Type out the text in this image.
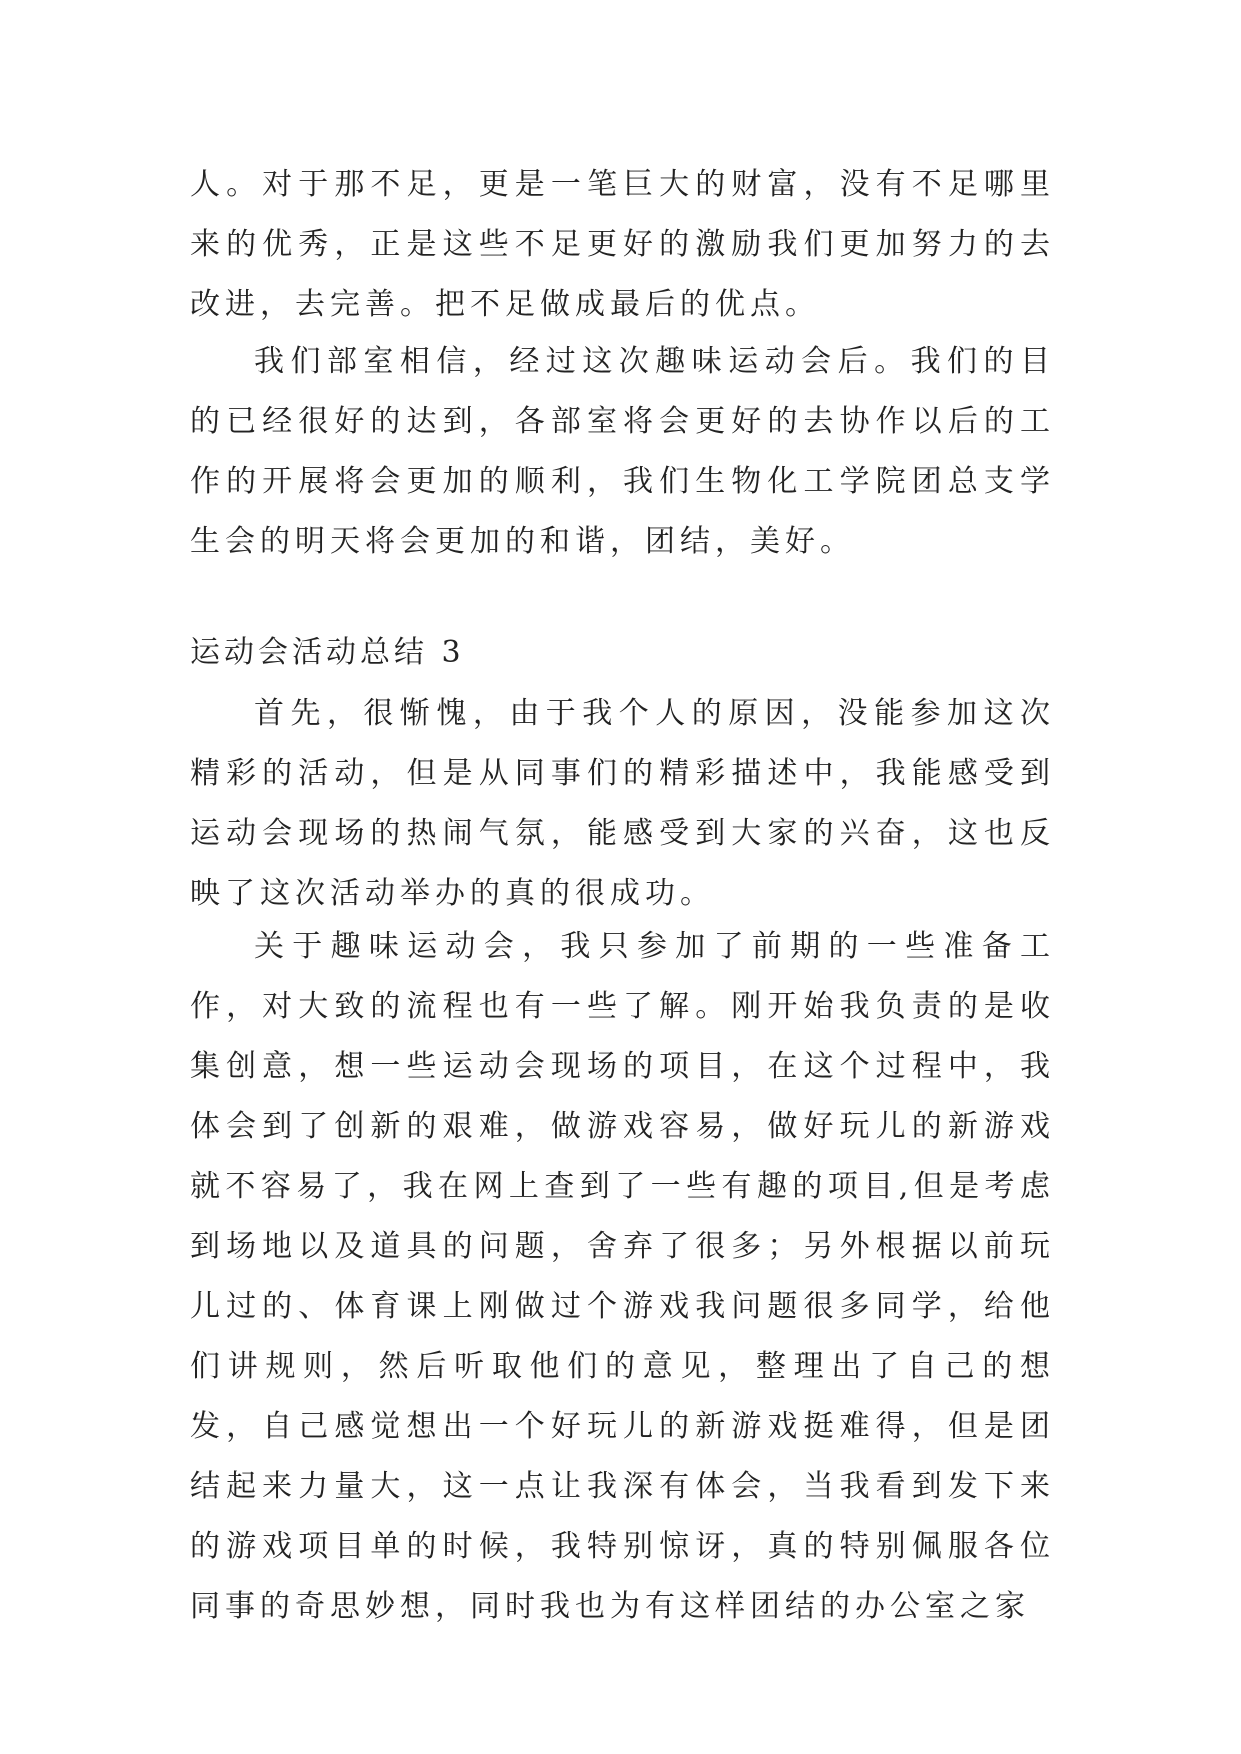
人。对于那不足，更是一笔巨大的财富，没有不足哪里来的优秀，正是这些不足更好的激励我们更加努力的去改进，去完善。把不足做成最后的优点。
我们部室相信，经过这次趣味运动会后。我们的目的已经很好的达到，各部室将会更好的去协作以后的工作的开展将会更加的顺利，我们生物化工学院团总支学生会的明天将会更加的和谐，团结，美好。
运动会活动总结 3
首先，很惭愧，由于我个人的原因，没能参加这次精彩的活动，但是从同事们的精彩描述中，我能感受到运动会现场的热闹气氛，能感受到大家的兴奋，这也反映了这次活动举办的真的很成功。
关于趣味运动会，我只参加了前期的一些准备工作，对大致的流程也有一些了解。刚开始我负责的是收集创意，想一些运动会现场的项目，在这个过程中，我体会到了创新的艰难，做游戏容易，做好玩儿的新游戏就不容易了，我在网上查到了一些有趣的项目,但是考虑到场地以及道具的问题，舍弃了很多；另外根据以前玩儿过的、体育课上刚做过个游戏我问题很多同学，给他们讲规则，然后听取他们的意见，整理出了自己的想发，自己感觉想出一个好玩儿的新游戏挺难得，但是团结起来力量大，这一点让我深有体会，当我看到发下来的游戏项目单的时候，我特别惊讶，真的特别佩服各位同事的奇思妙想，同时我也为有这样团结的办公室之家
